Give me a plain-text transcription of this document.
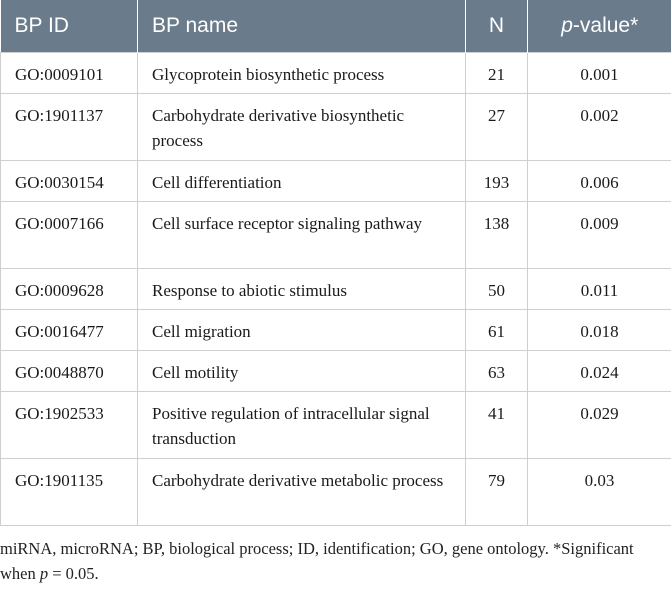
BP ID	BP name	N	p-value*
GO:0009101	Glycoprotein biosynthetic process	21	0.001
GO:1901137	Carbohydrate derivative biosynthetic process	27	0.002
GO:0030154	Cell differentiation	193	0.006
GO:0007166	Cell surface receptor signaling pathway	138	0.009
GO:0009628	Response to abiotic stimulus	50	0.011
GO:0016477	Cell migration	61	0.018
GO:0048870	Cell motility	63	0.024
GO:1902533	Positive regulation of intracellular signal transduction	41	0.029
GO:1901135	Carbohydrate derivative metabolic process	79	0.03
miRNA, microRNA; BP, biological process; ID, identification; GO, gene ontology. *Significant when p = 0.05.
